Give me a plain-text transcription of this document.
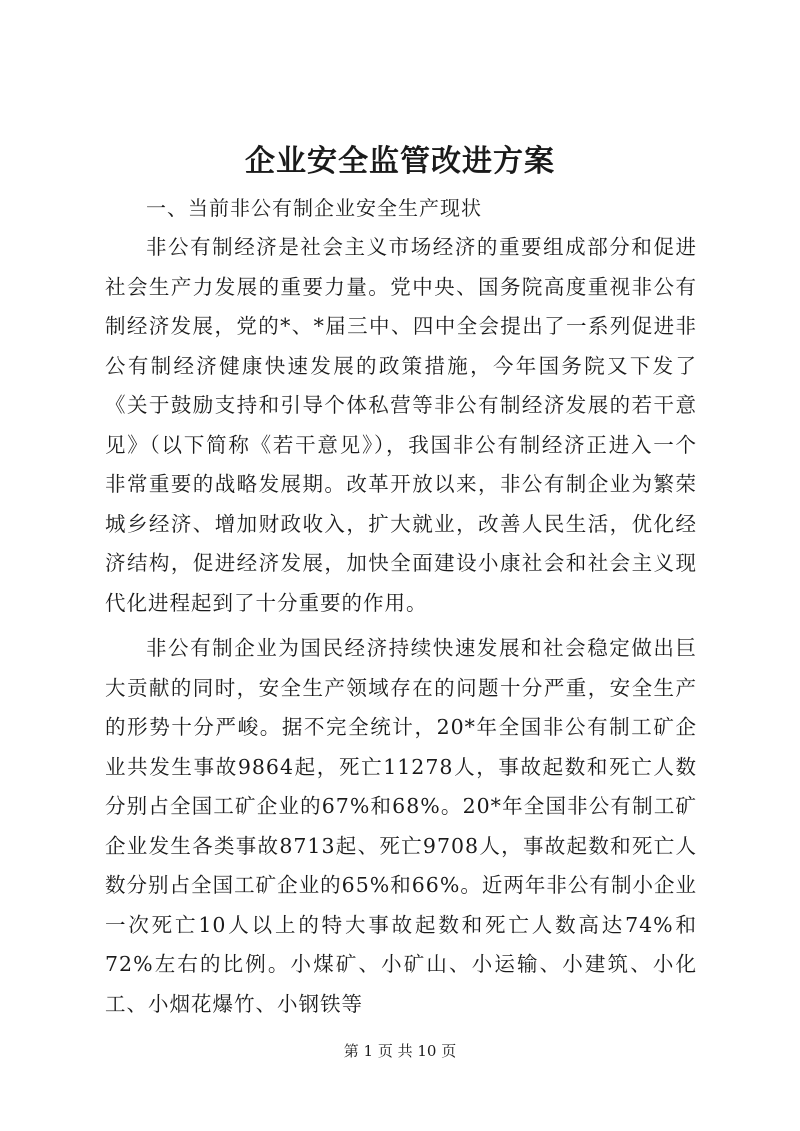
企业安全监管改进方案

一、当前非公有制企业安全生产现状

非公有制经济是社会主义市场经济的重要组成部分和促进社会生产力发展的重要力量。党中央、国务院高度重视非公有制经济发展，党的*、*届三中、四中全会提出了一系列促进非公有制经济健康快速发展的政策措施，今年国务院又下发了《关于鼓励支持和引导个体私营等非公有制经济发展的若干意见》（以下简称《若干意见》），我国非公有制经济正进入一个非常重要的战略发展期。改革开放以来，非公有制企业为繁荣城乡经济、增加财政收入，扩大就业，改善人民生活，优化经济结构，促进经济发展，加快全面建设小康社会和社会主义现代化进程起到了十分重要的作用。

非公有制企业为国民经济持续快速发展和社会稳定做出巨大贡献的同时，安全生产领域存在的问题十分严重，安全生产的形势十分严峻。据不完全统计，20*年全国非公有制工矿企业共发生事故9864起，死亡11278人，事故起数和死亡人数分别占全国工矿企业的67%和68%。20*年全国非公有制工矿企业发生各类事故8713起、死亡9708人，事故起数和死亡人数分别占全国工矿企业的65%和66%。近两年非公有制小企业一次死亡10人以上的特大事故起数和死亡人数高达74%和72%左右的比例。小煤矿、小矿山、小运输、小建筑、小化工、小烟花爆竹、小钢铁等

第 1 页 共 10 页
